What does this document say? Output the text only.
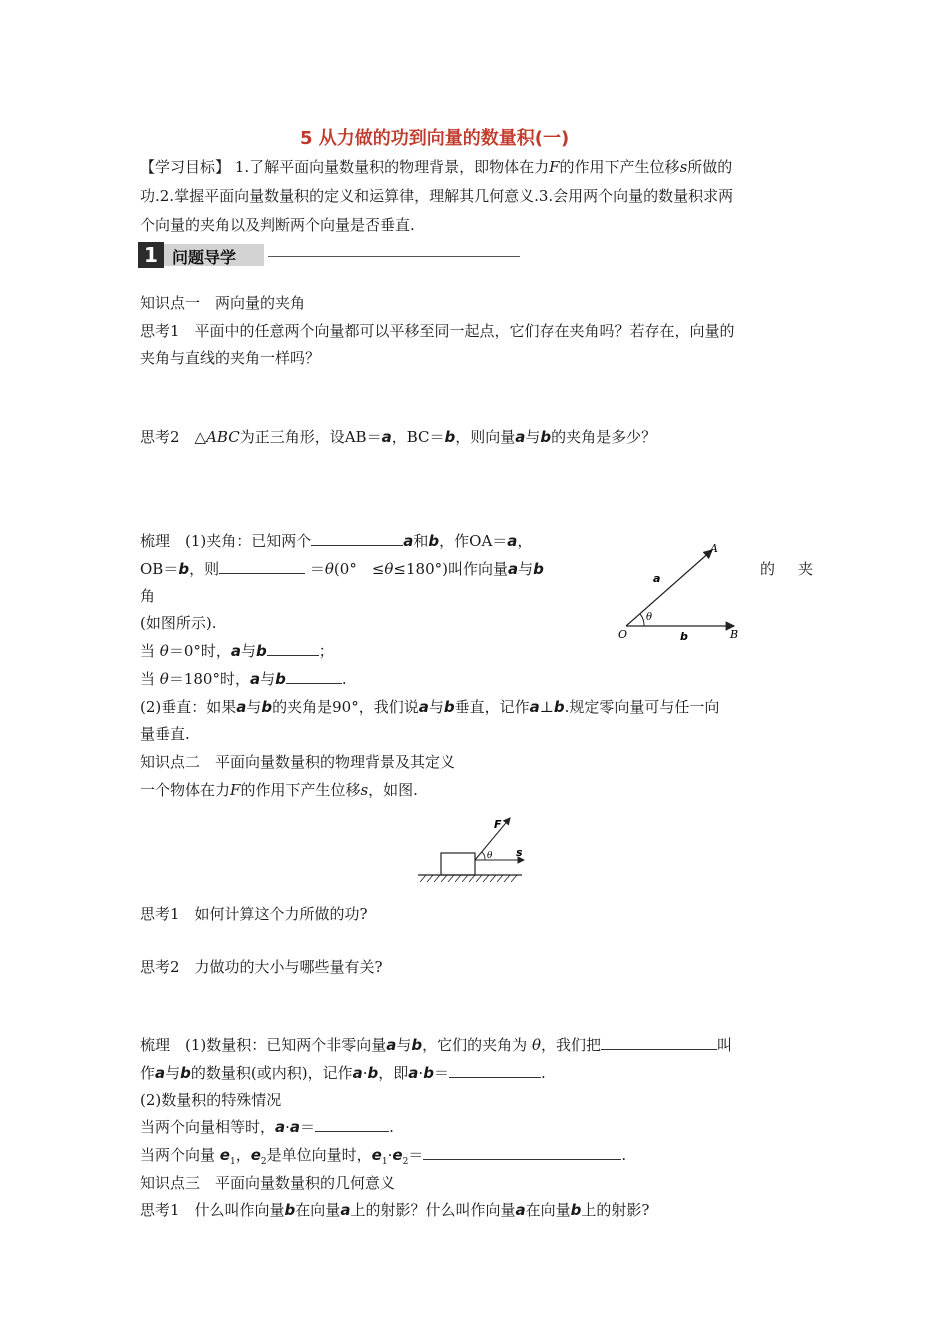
5 从力做的功到向量的数量积(一)
【学习目标】 1.了解平面向量数量积的物理背景，即物体在力F的作用下产生位移s所做的
功.2.掌握平面向量数量积的定义和运算律，理解其几何意义.3.会用两个向量的数量积求两
个向量的夹角以及判断两个向量是否垂直.
1 问题导学
知识点一　两向量的夹角
思考1　平面中的任意两个向量都可以平移至同一起点，它们存在夹角吗？若存在，向量的
夹角与直线的夹角一样吗？
思考2　△ABC为正三角形，设AB＝a，BC＝b，则向量a与b的夹角是多少？
梳理　(1)夹角：已知两个	a和b，作OA＝a，
OB＝b，则	＝θ(0°　≤θ≤180°)叫作向量a与b	的　夹
角
(如图所示).
当 θ＝0°时，a与b	；
当 θ＝180°时，a与b	.
(2)垂直：如果a与b的夹角是90°，我们说a与b垂直，记作a⊥b.规定零向量可与任一向
量垂直.
A
B
O
a
b
θ
知识点二　平面向量数量积的物理背景及其定义
一个物体在力F的作用下产生位移s，如图.
F
s
θ
思考1　如何计算这个力所做的功?
思考2　力做功的大小与哪些量有关?
梳理　(1)数量积：已知两个非零向量a与b，它们的夹角为 θ，我们把	叫
作a与b的数量积(或内积)，记作a·b，即a·b＝	.
(2)数量积的特殊情况
当两个向量相等时，a·a＝	.
当两个向量 $e_1$，$e_2$是单位向量时，$e_1\cdot e_2=$	.
知识点三　平面向量数量积的几何意义
思考1　什么叫作向量b在向量a上的射影？什么叫作向量a在向量b上的射影?
